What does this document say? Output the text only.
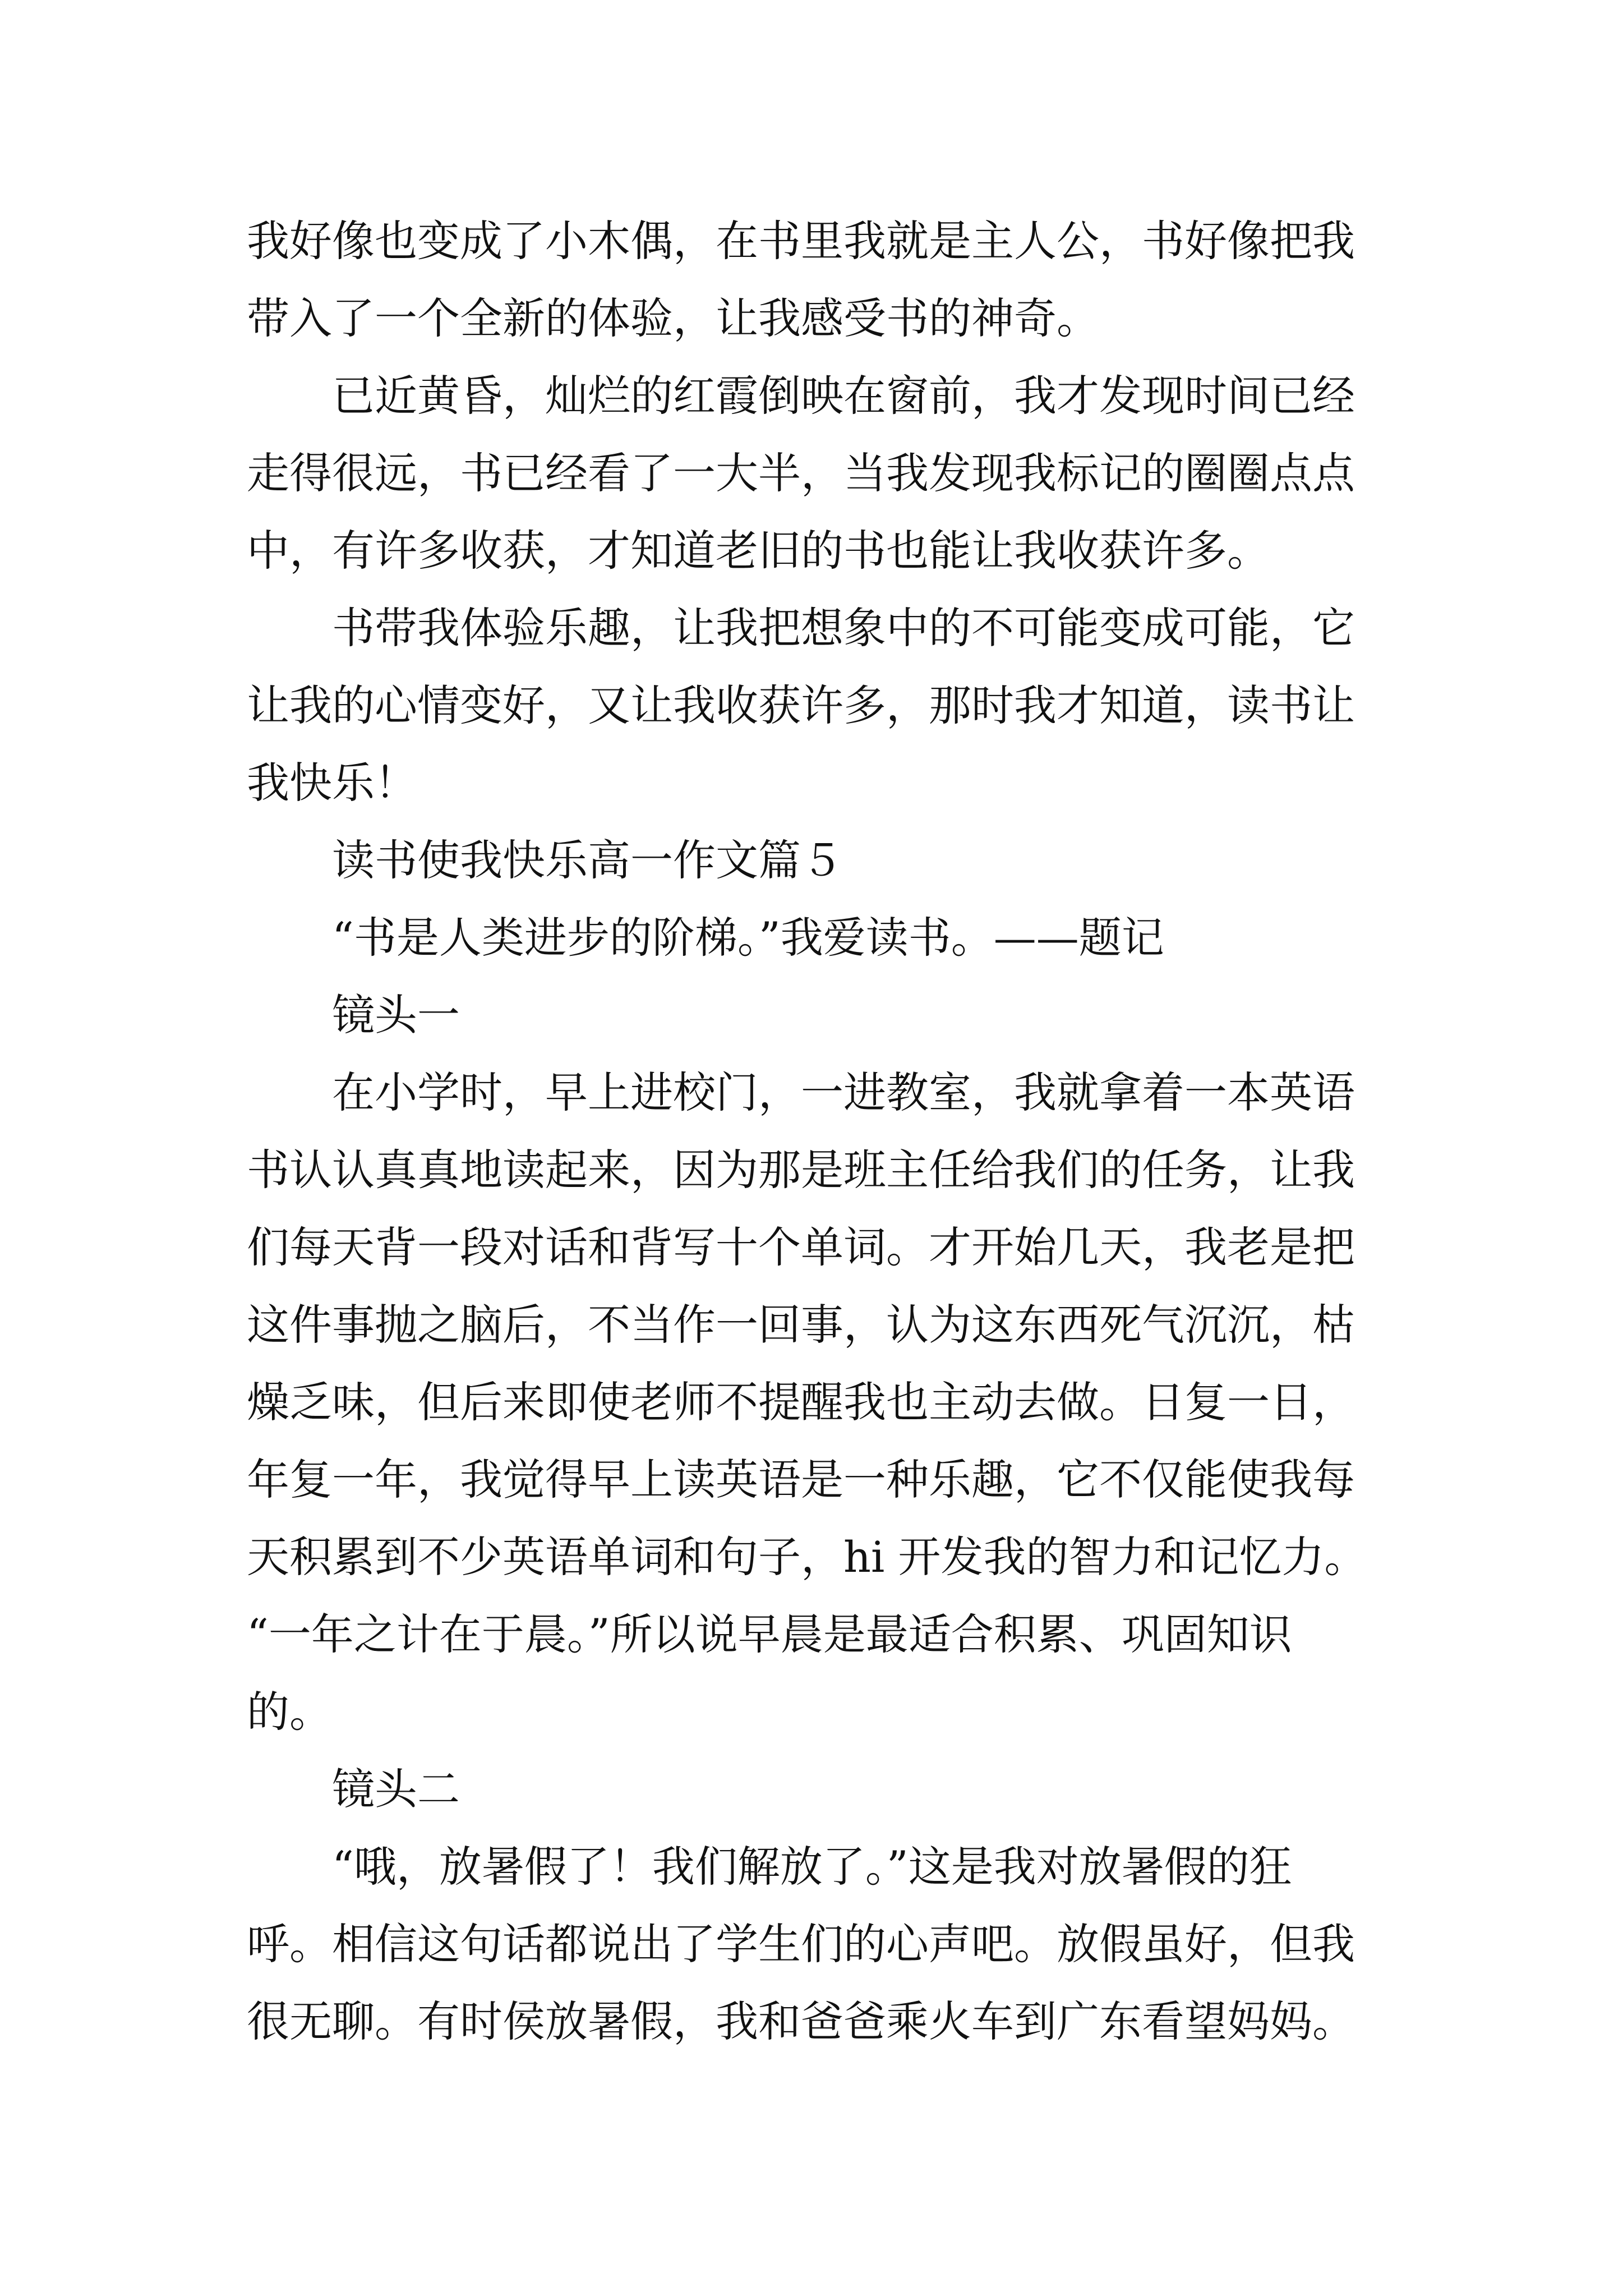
我好像也变成了小木偶，在书里我就是主人公，书好像把我
带入了一个全新的体验，让我感受书的神奇。
已近黄昏，灿烂的红霞倒映在窗前，我才发现时间已经
走得很远，书已经看了一大半，当我发现我标记的圈圈点点
中，有许多收获，才知道老旧的书也能让我收获许多。
书带我体验乐趣，让我把想象中的不可能变成可能，它
让我的心情变好，又让我收获许多，那时我才知道，读书让
我快乐！
读书使我快乐高一作文篇５
“书是人类进步的阶梯。”我爱读书。——题记
镜头一
在小学时，早上进校门，一进教室，我就拿着一本英语
书认认真真地读起来，因为那是班主任给我们的任务，让我
们每天背一段对话和背写十个单词。才开始几天，我老是把
这件事抛之脑后，不当作一回事，认为这东西死气沉沉，枯
燥乏味，但后来即使老师不提醒我也主动去做。日复一日，
年复一年，我觉得早上读英语是一种乐趣，它不仅能使我每
天积累到不少英语单词和句子，hi 开发我的智力和记忆力。
“一年之计在于晨。”所以说早晨是最适合积累、巩固知识
的。
镜头二
“哦，放暑假了！我们解放了。”这是我对放暑假的狂
呼。相信这句话都说出了学生们的心声吧。放假虽好，但我
很无聊。有时侯放暑假，我和爸爸乘火车到广东看望妈妈。
